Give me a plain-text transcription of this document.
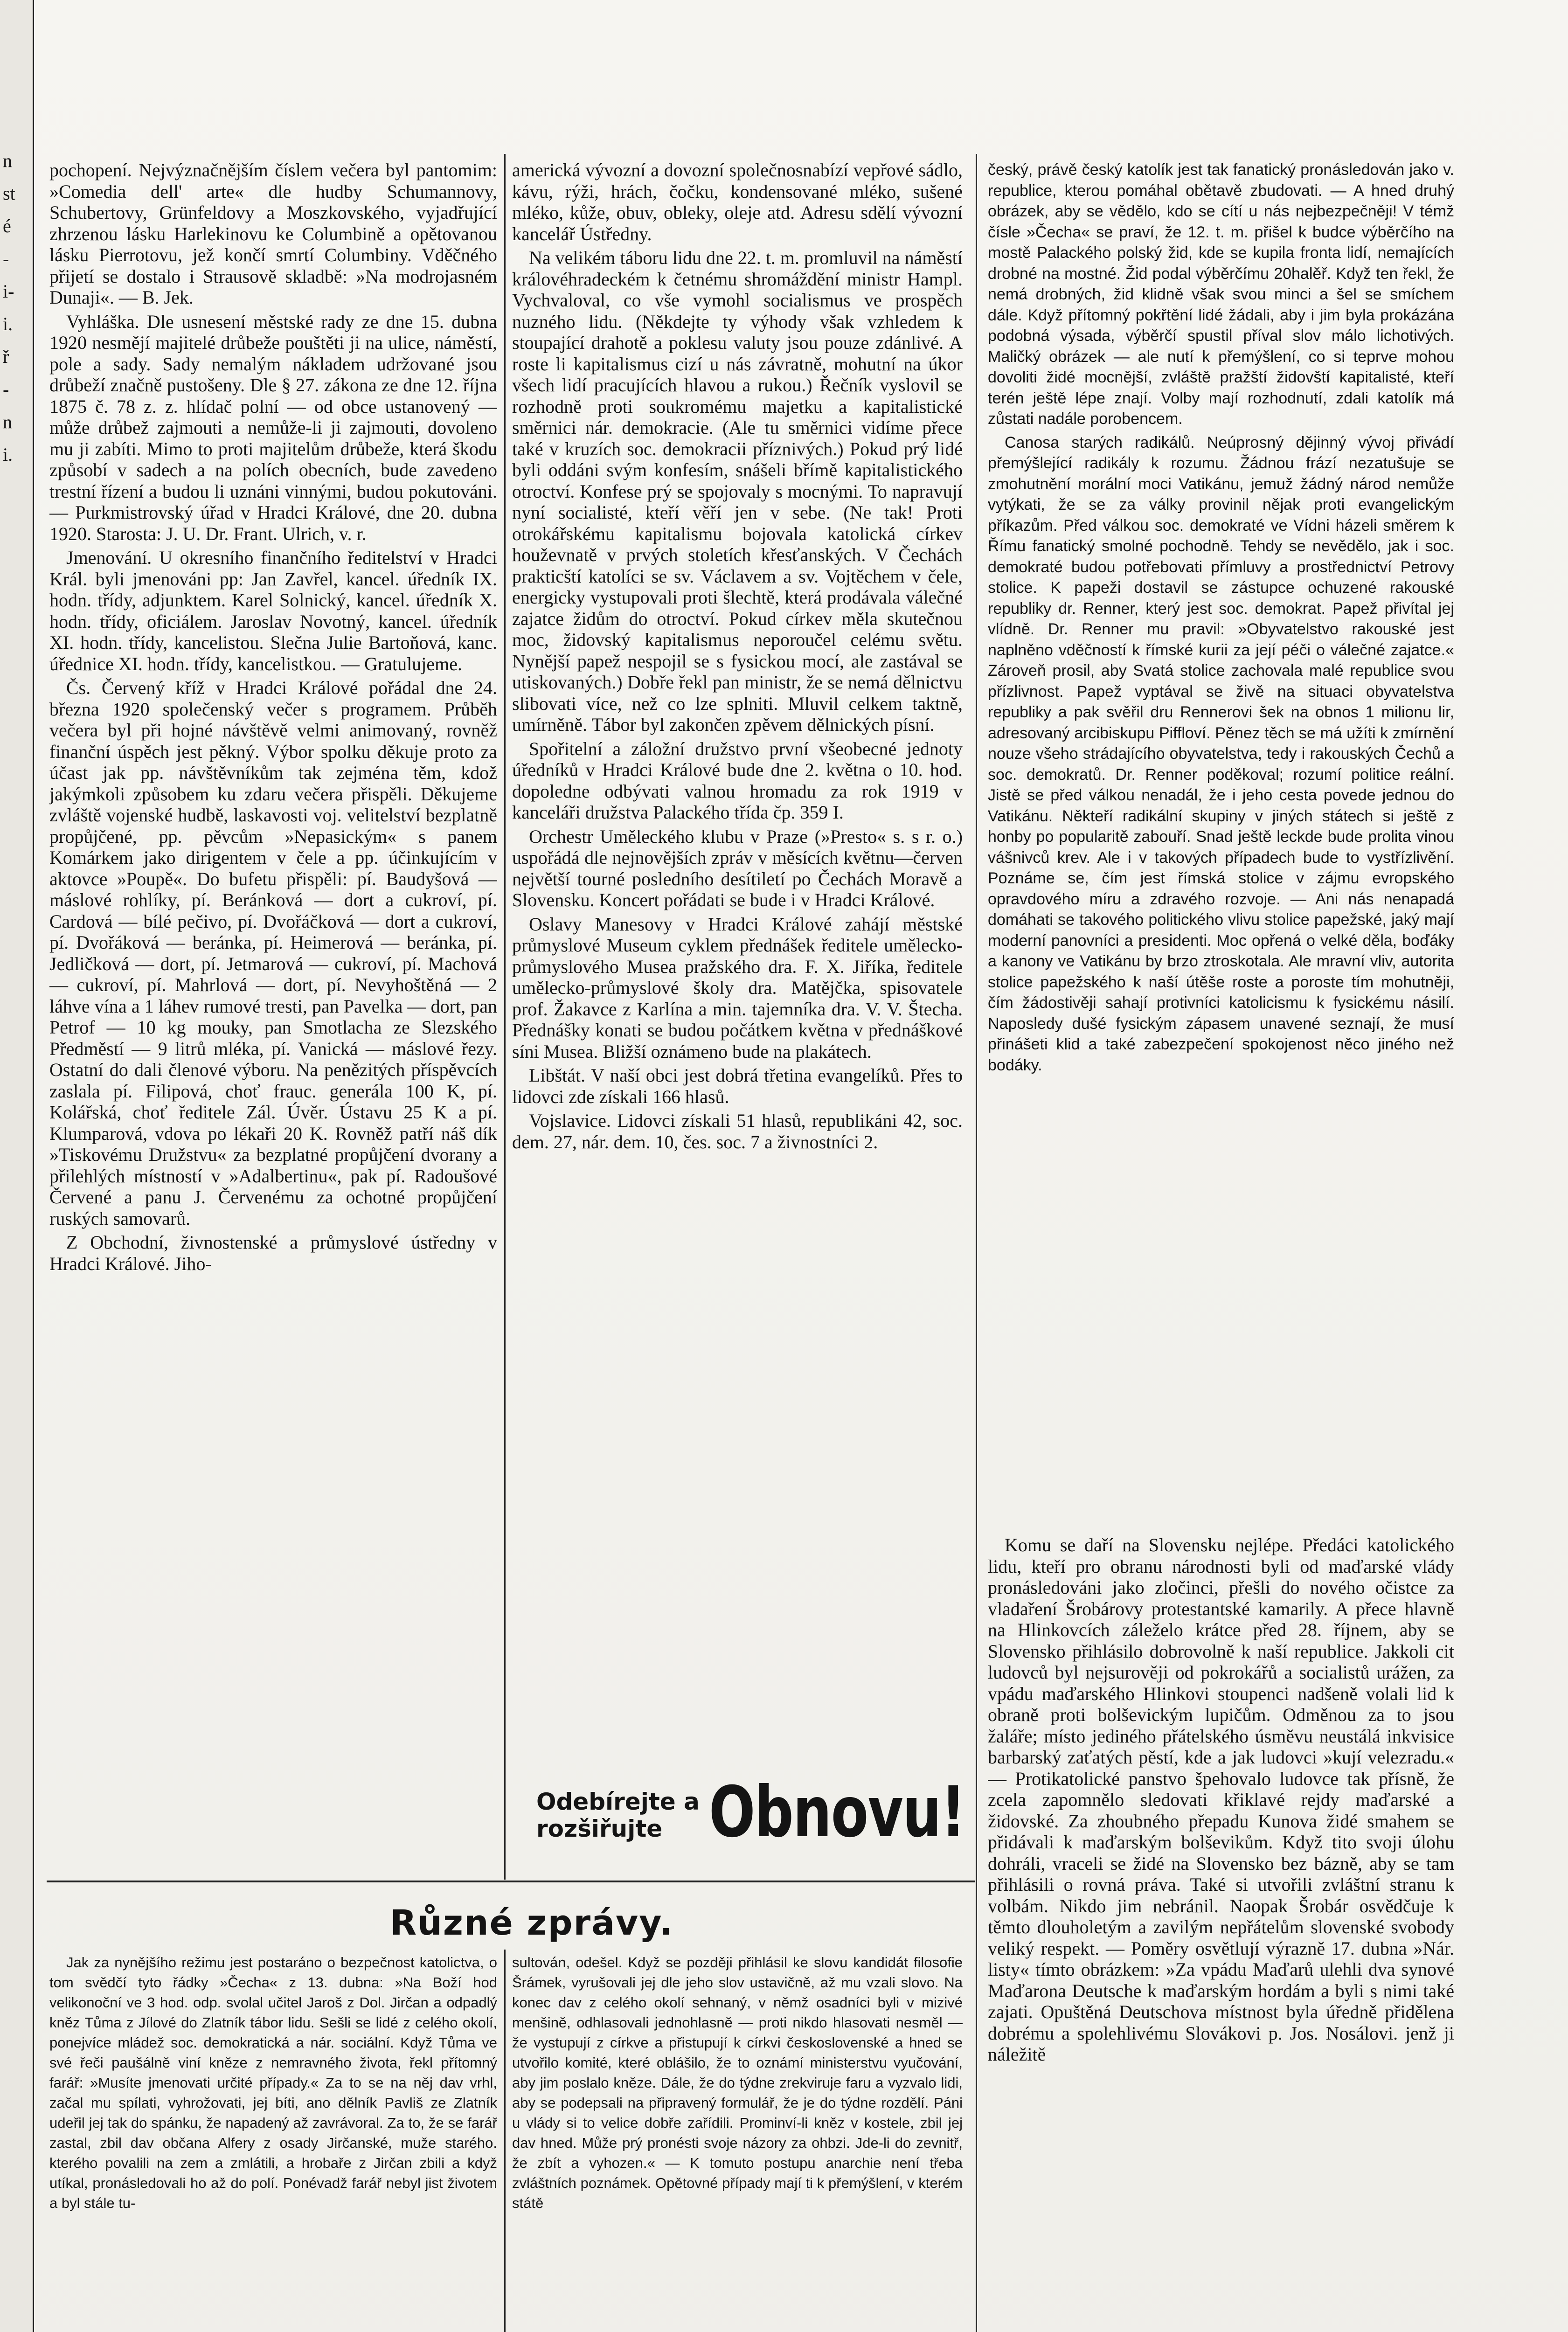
n
st
é
-
i-
i.
ř
-
n
i.

pochopení. Nejvýznačnějším číslem večera byl pantomim: »Comedia dell' arte« dle hudby Schumannovy, Schubertovy, Grünfeldovy a Moszkovského, vyjadřující zhrzenou lásku Harlekinovu ke Columbině a opětovanou lásku Pierrotovu, jež končí smrtí Columbiny. Vděčného přijetí se dostalo i Strausově skladbě: »Na modrojasném Dunaji«. — B. Jek.

Vyhláška. Dle usnesení městské rady ze dne 15. dubna 1920 nesmějí majitelé drůbeže pouštěti ji na ulice, náměstí, pole a sady. Sady nemalým nákladem udržované jsou drůbeží značně pustošeny. Dle § 27. zákona ze dne 12. října 1875 č. 78 z. z. hlídač polní — od obce ustanovený — může drůbež zajmouti a nemůže-li ji zajmouti, dovoleno mu ji zabíti. Mimo to proti majitelům drůbeže, která škodu způsobí v sadech a na polích obecních, bude zavedeno trestní řízení a budou li uznáni vinnými, budou pokutováni. — Purkmistrovský úřad v Hradci Králové, dne 20. dubna 1920. Starosta: J. U. Dr. Frant. Ulrich, v. r.

Jmenování. U okresního finančního ředitelství v Hradci Král. byli jmenováni pp: Jan Zavřel, kancel. úředník IX. hodn. třídy, adjunktem. Karel Solnický, kancel. úředník X. hodn. třídy, oficiálem. Jaroslav Novotný, kancel. úředník XI. hodn. třídy, kancelistou. Slečna Julie Bartoňová, kanc. úřednice XI. hodn. třídy, kancelistkou. — Gratulujeme.

Čs. Červený kříž v Hradci Králové pořádal dne 24. března 1920 společenský večer s programem. Průběh večera byl při hojné návštěvě velmi animovaný, rovněž finanční úspěch jest pěkný. Výbor spolku děkuje proto za účast jak pp. návštěvníkům tak zejména těm, kdož jakýmkoli způsobem ku zdaru večera přispěli. Děkujeme zvláště vojenské hudbě, laskavosti voj. velitelství bezplatně propůjčené, pp. pěvcům »Nepasickým« s panem Komárkem jako dirigentem v čele a pp. účinkujícím v aktovce »Poupě«. Do bufetu přispěli: pí. Baudyšová — máslové rohlíky, pí. Beránková — dort a cukroví, pí. Cardová — bílé pečivo, pí. Dvořáčková — dort a cukroví, pí. Dvořáková — beránka, pí. Heimerová — beránka, pí. Jedličková — dort, pí. Jetmarová — cukroví, pí. Machová — cukroví, pí. Mahrlová — dort, pí. Nevyhoštěná — 2 láhve vína a 1 láhev rumové tresti, pan Pavelka — dort, pan Petrof — 10 kg mouky, pan Smotlacha ze Slezského Předměstí — 9 litrů mléka, pí. Vanická — máslové řezy. Ostatní do dali členové výboru. Na penězitých příspěvcích zaslala pí. Filipová, choť frauc. generála 100 K, pí. Kolářská, choť ředitele Zál. Úvěr. Ústavu 25 K a pí. Klumparová, vdova po lékaři 20 K. Rovněž patří náš dík »Tiskovému Družstvu« za bezplatné propůjčení dvorany a přilehlých místností v »Adalbertinu«, pak pí. Radoušové Červené a panu J. Červenému za ochotné propůjčení ruských samovarů.

Z Obchodní, živnostenské a průmyslové ústředny v Hradci Králové. Jiho-

americká vývozní a dovozní společnosnabízí vepřové sádlo, kávu, rýži, hrách, čočku, kondensované mléko, sušené mléko, kůže, obuv, obleky, oleje atd. Adresu sdělí vývozní kancelář Ústředny.

Na velikém táboru lidu dne 22. t. m. promluvil na náměstí královéhradeckém k četnému shromáždění ministr Hampl. Vychvaloval, co vše vymohl socialismus ve prospěch nuzného lidu. (Někdejte ty výhody však vzhledem k stoupající drahotě a poklesu valuty jsou pouze zdánlivé. A roste li kapitalismus cizí u nás závratně, mohutní na úkor všech lidí pracujících hlavou a rukou.) Řečník vyslovil se rozhodně proti soukromému majetku a kapitalistické směrnici nár. demokracie. (Ale tu směrnici vidíme přece také v kruzích soc. demokracii příznivých.) Pokud prý lidé byli oddáni svým konfesím, snášeli břímě kapitalistického otroctví. Konfese prý se spojovaly s mocnými. To napravují nyní socialisté, kteří věří jen v sebe. (Ne tak! Proti otrokářskému kapitalismu bojovala katolická církev houževnatě v prvých stoletích křesťanských. V Čechách prakticští katolíci se sv. Václavem a sv. Vojtěchem v čele, energicky vystupovali proti šlechtě, která prodávala válečné zajatce židům do otroctví. Pokud církev měla skutečnou moc, židovský kapitalismus neporoučel celému světu. Nynější papež nespojil se s fysickou mocí, ale zastával se utiskovaných.) Dobře řekl pan ministr, že se nemá dělnictvu slibovati více, než co lze splniti. Mluvil celkem taktně, umírněně. Tábor byl zakončen zpěvem dělnických písní.

Spořitelní a záložní družstvo první všeobecné jednoty úředníků v Hradci Králové bude dne 2. května o 10. hod. dopoledne odbývati valnou hromadu za rok 1919 v kanceláři družstva Palackého třída čp. 359 I.

Orchestr Uměleckého klubu v Praze (»Presto« s. s r. o.) uspořádá dle nejnovějších zpráv v měsících květnu—červen největší tourné posledního desítiletí po Čechách Moravě a Slovensku. Koncert pořádati se bude i v Hradci Králové.

Oslavy Manesovy v Hradci Králové zahájí městské průmyslové Museum cyklem přednášek ředitele umělecko-průmyslového Musea pražského dra. F. X. Jiříka, ředitele umělecko-průmyslové školy dra. Matějčka, spisovatele prof. Žakavce z Karlína a min. tajemníka dra. V. V. Štecha. Přednášky konati se budou počátkem května v přednáškové síni Musea. Bližší oznámeno bude na plakátech.

Libštát. V naší obci jest dobrá třetina evangelíků. Přes to lidovci zde získali 166 hlasů.

Vojslavice. Lidovci získali 51 hlasů, republikáni 42, soc. dem. 27, nár. dem. 10, čes. soc. 7 a živnostníci 2.

Odebírejte a rozšiřujte Obnovu!

český, právě český katolík jest tak fanatický pronásledován jako v. republice, kterou pomáhal obětavě zbudovati. — A hned druhý obrázek, aby se vědělo, kdo se cítí u nás nejbezpečněji! V témž čísle »Čecha« se praví, že 12. t. m. přišel k budce výběrčího na mostě Palackého polský žid, kde se kupila fronta lidí, nemajících drobné na mostné. Žid podal výběrčímu 20halěř. Když ten řekl, že nemá drobných, žid klidně však svou minci a šel se smíchem dále. Když přítomný pokřtění lidé žádali, aby i jim byla prokázána podobná výsada, výběrčí spustil příval slov málo lichotivých. Maličký obrázek — ale nutí k přemýšlení, co si teprve mohou dovoliti židé mocnější, zvláště pražští židovští kapitalisté, kteří terén ještě lépe znají. Volby mají rozhodnutí, zdali katolík má zůstati nadále porobencem.

Canosa starých radikálů. Neúprosný dějinný vývoj přivádí přemýšlející radikály k rozumu. Žádnou frází nezatušuje se zmohutnění morální moci Vatikánu, jemuž žádný národ nemůže vytýkati, že se za války provinil nějak proti evangelickým příkazům. Před válkou soc. demokraté ve Vídni házeli směrem k Římu fanatický smolné pochodně. Tehdy se nevědělo, jak i soc. demokraté budou potřebovati přímluvy a prostřednictví Petrovy stolice. K papeži dostavil se zástupce ochuzené rakouské republiky dr. Renner, který jest soc. demokrat. Papež přivítal jej vlídně. Dr. Renner mu pravil: »Obyvatelstvo rakouské jest naplněno vděčností k římské kurii za její péči o válečné zajatce.« Zároveň prosil, aby Svatá stolice zachovala malé republice svou přízlivnost. Papež vyptával se živě na situaci obyvatelstva republiky a pak svěřil dru Rennerovi šek na obnos 1 milionu lir, adresovaný arcibiskupu Piffloví. Pěnez těch se má užíti k zmírnění nouze všeho strádajícího obyvatelstva, tedy i rakouských Čechů a soc. demokratů. Dr. Renner poděkoval; rozumí politice reální. Jistě se před válkou nenadál, že i jeho cesta povede jednou do Vatikánu. Někteří radikální skupiny v jiných státech si ještě z honby po popularitě zabouří. Snad ještě leckde bude prolita vinou vášnivců krev. Ale i v takových případech bude to vystřízlivění. Poznáme se, čím jest římská stolice v zájmu evropského opravdového míru a zdravého rozvoje. — Ani nás nenapadá domáhati se takového politického vlivu stolice papežské, jaký mají moderní panovníci a presidenti. Moc opřená o velké děla, boďáky a kanony ve Vatikánu by brzo ztroskotala. Ale mravní vliv, autorita stolice papežského k naší útěše roste a poroste tím mohutněji, čím žádostivěji sahají protivníci katolicismu k fysickému násilí. Naposledy dušé fysickým zápasem unavené seznají, že musí přinášeti klid a také zabezpečení spokojenost něco jiného než bodáky.

Komu se daří na Slovensku nejlépe. Předáci katolického lidu, kteří pro obranu národnosti byli od maďarské vlády pronásledováni jako zločinci, přešli do nového očistce za vladaření Šrobárovy protestantské kamarily. A přece hlavně na Hlinkovcích záleželo krátce před 28. říjnem, aby se Slovensko přihlásilo dobrovolně k naší republice. Jakkoli cit ludovců byl nejsurověji od pokrokářů a socialistů urážen, za vpádu maďarského Hlinkovi stoupenci nadšeně volali lid k obraně proti bolševickým lupičům. Odměnou za to jsou žaláře; místo jediného přátelského úsměvu neustálá inkvisice barbarský zaťatých pěstí, kde a jak ludovci »kují velezradu.« — Protikatolické panstvo špehovalo ludovce tak přísně, že zcela zapomnělo sledovati křiklavé rejdy maďarské a židovské. Za zhoubného přepadu Kunova židé smahem se přidávali k maďarským bolševikům. Když tito svoji úlohu dohráli, vraceli se židé na Slovensko bez bázně, aby se tam přihlásili o rovná práva. Také si utvořili zvláštní stranu k volbám. Nikdo jim nebránil. Naopak Šrobár osvědčuje k těmto dlouholetým a zavilým nepřátelům slovenské svobody veliký respekt. — Poměry osvětlují výrazně 17. dubna »Nár. listy« tímto obrázkem: »Za vpádu Maďarů ulehli dva synové Maďarona Deutsche k maďarským hordám a byli s nimi také zajati. Opuštěná Deutschova místnost byla úředně přidělena dobrému a spolehlivému Slovákovi p. Jos. Nosálovi. jenž ji náležitě

Různé zprávy.

Jak za nynějšího režimu jest postaráno o bezpečnost katolictva, o tom svědčí tyto řádky »Čecha« z 13. dubna: »Na Boží hod velikonoční ve 3 hod. odp. svolal učitel Jaroš z Dol. Jirčan a odpadlý kněz Tůma z Jílové do Zlatník tábor lidu. Sešli se lidé z celého okolí, ponejvíce mládež soc. demokratická a nár. sociální. Když Tůma ve své řeči paušálně viní kněze z nemravného života, řekl přítomný farář: »Musíte jmenovati určité případy.« Za to se na něj dav vrhl, začal mu spílati, vyhrožovati, jej bíti, ano dělník Pavliš ze Zlatník udeřil jej tak do spánku, že napadený až zavrávoral. Za to, že se farář zastal, zbil dav občana Alfery z osady Jirčanské, muže starého. kterého povalili na zem a zmlátili, a hrobaře z Jirčan zbili a když utíkal, pronásledovali ho až do polí. Ponévadž farář nebyl jist životem a byl stále tu-

sultován, odešel. Když se později přihlásil ke slovu kandidát filosofie Šrámek, vyrušovali jej dle jeho slov ustavičně, až mu vzali slovo. Na konec dav z celého okolí sehnaný, v němž osadníci byli v mizivé menšině, odhlasovali jednohlasně — proti nikdo hlasovati nesměl — že vystupují z církve a přistupují k církvi československé a hned se utvořilo komité, které oblášilo, že to oznámí ministerstvu vyučování, aby jim poslalo kněze. Dále, že do týdne zrekviruje faru a vyzvalo lidi, aby se podepsali na připravený formulář, že je do týdne rozdělí. Páni u vlády si to velice dobře zařídili. Prominví-li kněz v kostele, zbil jej dav hned. Může prý pronésti svoje názory za ohbzi. Jde-li do zevnitř, že zbít a vyhozen.« — K tomuto postupu anarchie není třeba zvláštních poznámek. Opětovné případy mají ti k přemýšlení, v kterém státě
